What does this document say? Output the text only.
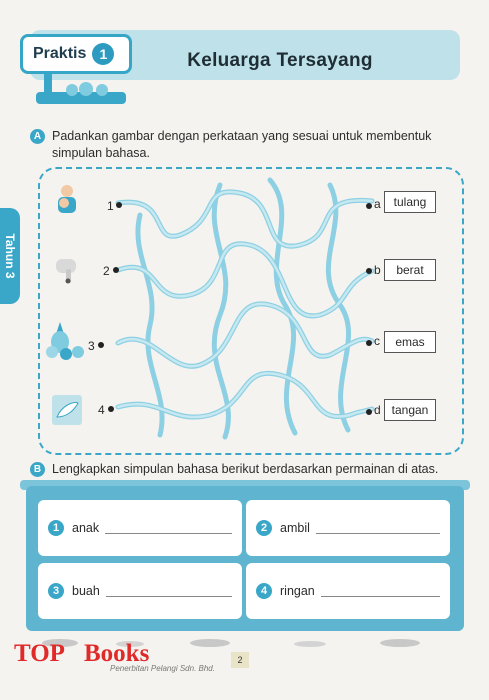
Praktis 1	Keluarga Tersayang
Tahun 3
A Padankan gambar dengan perkataan yang sesuai untuk membentuk
simpulan bahasa.
1
2
3
4
a	tulang
b	berat
c	emas
d tangan
B Lengkapkan simpulan bahasa berikut berdasarkan permainan di atas.
1	anak	2	ambil
3	buah	4	ringan
TOP Books
Penerbitan Pelangi Sdn. Bhd.
2
